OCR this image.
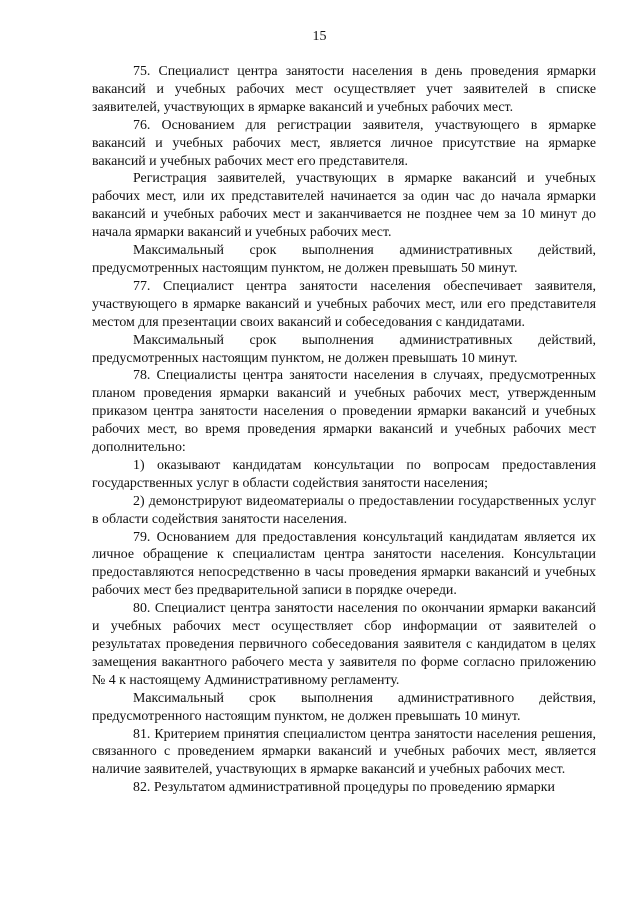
15

75. Специалист центра занятости населения в день проведения ярмарки вакансий и учебных рабочих мест осуществляет учет заявителей в списке заявителей, участвующих в ярмарке вакансий и учебных рабочих мест.

76. Основанием для регистрации заявителя, участвующего в ярмарке вакансий и учебных рабочих мест, является личное присутствие на ярмарке вакансий и учебных рабочих мест его представителя.

Регистрация заявителей, участвующих в ярмарке вакансий и учебных рабочих мест, или их представителей начинается за один час до начала ярмарки вакансий и учебных рабочих мест и заканчивается не позднее чем за 10 минут до начала ярмарки вакансий и учебных рабочих мест.

Максимальный срок выполнения административных действий, предусмотренных настоящим пунктом, не должен превышать 50 минут.

77. Специалист центра занятости населения обеспечивает заявителя, участвующего в ярмарке вакансий и учебных рабочих мест, или его представителя местом для презентации своих вакансий и собеседования с кандидатами.

Максимальный срок выполнения административных действий, предусмотренных настоящим пунктом, не должен превышать 10 минут.

78. Специалисты центра занятости населения в случаях, предусмотренных планом проведения ярмарки вакансий и учебных рабочих мест, утвержденным приказом центра занятости населения о проведении ярмарки вакансий и учебных рабочих мест, во время проведения ярмарки вакансий и учебных рабочих мест дополнительно:

1) оказывают кандидатам консультации по вопросам предоставления государственных услуг в области содействия занятости населения;

2) демонстрируют видеоматериалы о предоставлении государственных услуг в области содействия занятости населения.

79. Основанием для предоставления консультаций кандидатам является их личное обращение к специалистам центра занятости населения. Консультации предоставляются непосредственно в часы проведения ярмарки вакансий и учебных рабочих мест без предварительной записи в порядке очереди.

80. Специалист центра занятости населения по окончании ярмарки вакансий и учебных рабочих мест осуществляет сбор информации от заявителей о результатах проведения первичного собеседования заявителя с кандидатом в целях замещения вакантного рабочего места у заявителя по форме согласно приложению № 4 к настоящему Административному регламенту.

Максимальный срок выполнения административного действия, предусмотренного настоящим пунктом, не должен превышать 10 минут.

81. Критерием принятия специалистом центра занятости населения решения, связанного с проведением ярмарки вакансий и учебных рабочих мест, является наличие заявителей, участвующих в ярмарке вакансий и учебных рабочих мест.

82. Результатом административной процедуры по проведению ярмарки
